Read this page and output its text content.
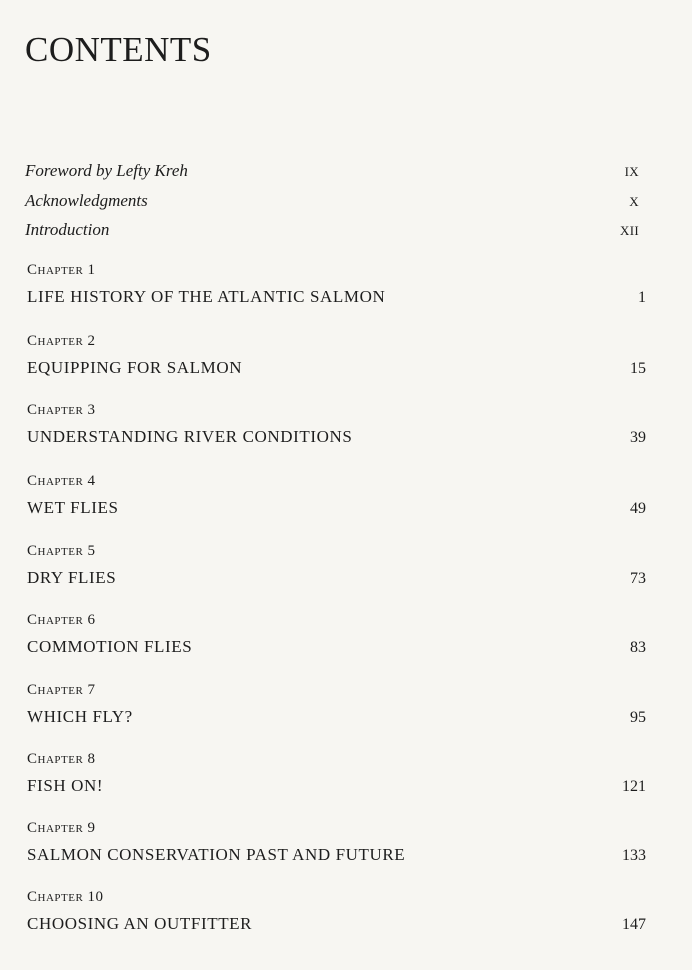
CONTENTS
Foreword by Lefty Kreh	IX
Acknowledgments	X
Introduction	XII
Chapter 1
LIFE HISTORY OF THE ATLANTIC SALMON	1
Chapter 2
EQUIPPING FOR SALMON	15
Chapter 3
UNDERSTANDING RIVER CONDITIONS	39
Chapter 4
WET FLIES	49
Chapter 5
DRY FLIES	73
Chapter 6
COMMOTION FLIES	83
Chapter 7
WHICH FLY?	95
Chapter 8
FISH ON!	121
Chapter 9
SALMON CONSERVATION PAST AND FUTURE	133
Chapter 10
CHOOSING AN OUTFITTER	147
